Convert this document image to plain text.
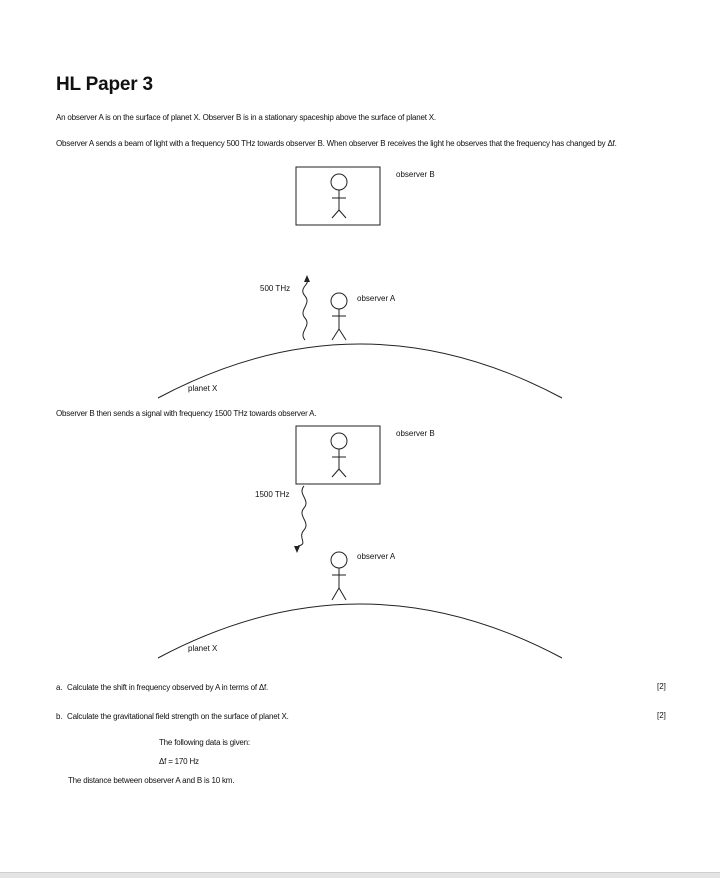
HL Paper 3

An observer A is on the surface of planet X. Observer B is in a stationary spaceship above the surface of planet X.

Observer A sends a beam of light with a frequency 500 THz towards observer B. When observer B receives the light he observes that the frequency has changed by Δf.

observer B
500 THz
observer A
planet X

Observer B then sends a signal with frequency 1500 THz towards observer A.

observer B
1500 THz
observer A
planet X

a. Calculate the shift in frequency observed by A in terms of Δf.	[2]

b. Calculate the gravitational field strength on the surface of planet X.	[2]

The following data is given:

Δf = 170 Hz

The distance between observer A and B is 10 km.
